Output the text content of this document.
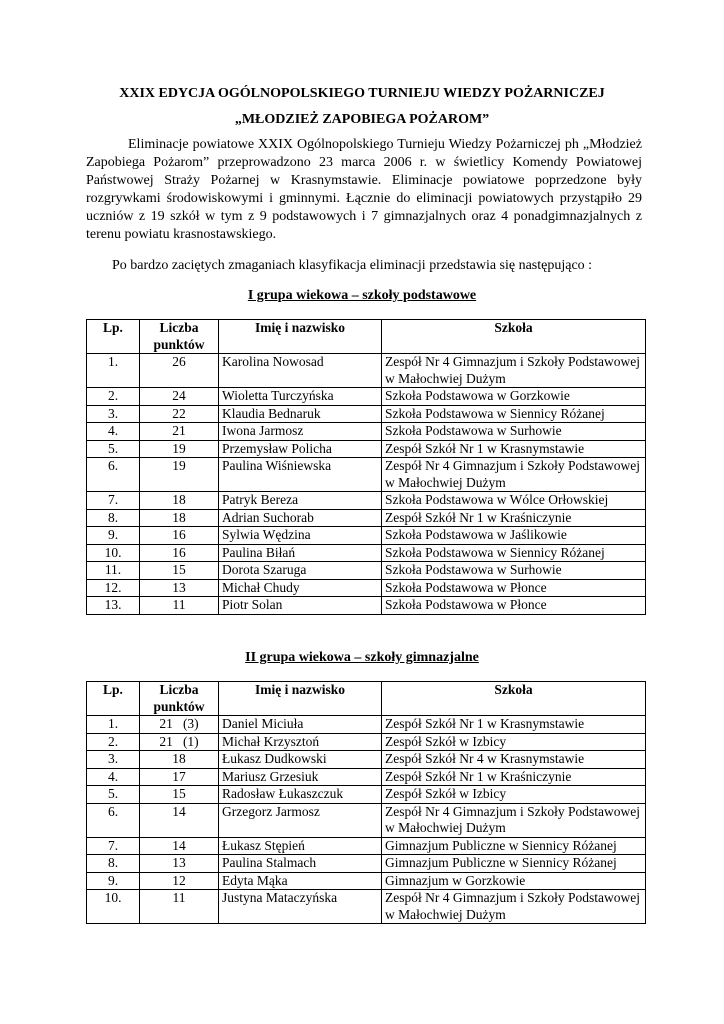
XXIX EDYCJA OGÓLNOPOLSKIEGO TURNIEJU WIEDZY POŻARNICZEJ
„MŁODZIEŻ ZAPOBIEGA POŻAROM”

Eliminacje powiatowe XXIX Ogólnopolskiego Turnieju Wiedzy Pożarniczej ph „Młodzież Zapobiega Pożarom” przeprowadzono 23 marca 2006 r. w świetlicy Komendy Powiatowej Państwowej Straży Pożarnej w Krasnymstawie. Eliminacje powiatowe poprzedzone były rozgrywkami środowiskowymi i gminnymi. Łącznie do eliminacji powiatowych przystąpiło 29 uczniów z 19 szkół w tym z 9 podstawowych i 7 gimnazjalnych oraz 4 ponadgimnazjalnych z terenu powiatu krasnostawskiego.

Po bardzo zaciętych zmaganiach klasyfikacja eliminacji przedstawia się następująco :

I grupa wiekowa – szkoły podstawowe
Lp.	Liczba punktów	Imię i nazwisko	Szkoła
1.	26	Karolina Nowosad	Zespół Nr 4 Gimnazjum i Szkoły Podstawowej w Małochwiej Dużym
2.	24	Wioletta Turczyńska	Szkoła Podstawowa w Gorzkowie
3.	22	Klaudia Bednaruk	Szkoła Podstawowa w Siennicy Różanej
4.	21	Iwona Jarmosz	Szkoła Podstawowa w Surhowie
5.	19	Przemysław Policha	Zespół Szkół Nr 1 w Krasnymstawie
6.	19	Paulina Wiśniewska	Zespół Nr 4 Gimnazjum i Szkoły Podstawowej w Małochwiej Dużym
7.	18	Patryk Bereza	Szkoła Podstawowa w Wólce Orłowskiej
8.	18	Adrian Suchorab	Zespół Szkół Nr 1 w Kraśniczynie
9.	16	Sylwia Wędzina	Szkoła Podstawowa w Jaślikowie
10.	16	Paulina Biłań	Szkoła Podstawowa w Siennicy Różanej
11.	15	Dorota Szaruga	Szkoła Podstawowa w Surhowie
12.	13	Michał Chudy	Szkoła Podstawowa w Płonce
13.	11	Piotr Solan	Szkoła Podstawowa w Płonce
II grupa wiekowa – szkoły gimnazjalne
Lp.	Liczba punktów	Imię i nazwisko	Szkoła
1.	21   (3)	Daniel Miciuła	Zespół Szkół Nr 1 w Krasnymstawie
2.	21   (1)	Michał Krzysztoń	Zespół Szkół w Izbicy
3.	18	Łukasz Dudkowski	Zespół Szkół Nr 4 w Krasnymstawie
4.	17	Mariusz Grzesiuk	Zespół Szkół Nr 1 w Kraśniczynie
5.	15	Radosław Łukaszczuk	Zespół Szkół w Izbicy
6.	14	Grzegorz Jarmosz	Zespół Nr 4 Gimnazjum i Szkoły Podstawowej w Małochwiej Dużym
7.	14	Łukasz Stępień	Gimnazjum Publiczne w Siennicy Różanej
8.	13	Paulina Stalmach	Gimnazjum Publiczne w Siennicy Różanej
9.	12	Edyta Mąka	Gimnazjum w Gorzkowie
10.	11	Justyna Mataczyńska	Zespół Nr 4 Gimnazjum i Szkoły Podstawowej w Małochwiej Dużym
